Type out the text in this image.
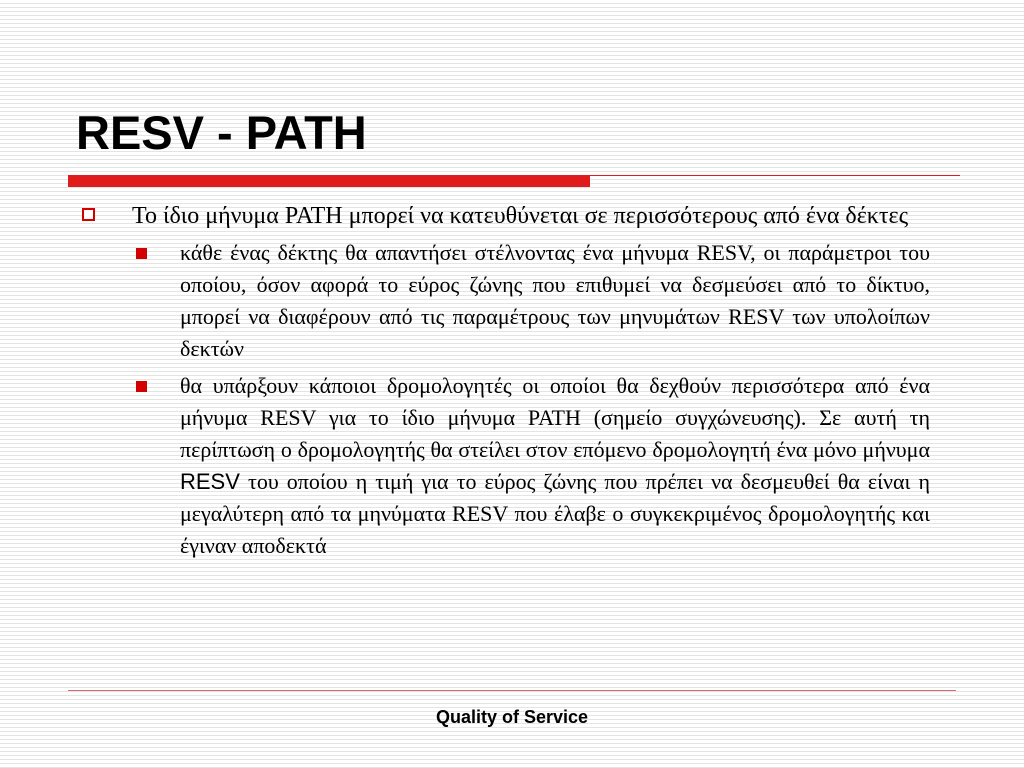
RESV - PATH
Το ίδιο μήνυμα PATH μπορεί να κατευθύνεται σε περισσότερους από ένα δέκτες
κάθε ένας δέκτης θα απαντήσει στέλνοντας ένα μήνυμα RESV, οι παράμετροι του οποίου, όσον αφορά το εύρος ζώνης που επιθυμεί να δεσμεύσει από το δίκτυο, μπορεί να διαφέρουν από τις παραμέτρους των μηνυμάτων RESV των υπολοίπων δεκτών
θα υπάρξουν κάποιοι δρομολογητές οι οποίοι θα δεχθούν περισσότερα από ένα μήνυμα RESV για το ίδιο μήνυμα PATH (σημείο συγχώνευσης). Σε αυτή τη περίπτωση ο δρομολογητής θα στείλει στον επόμενο δρομολογητή ένα μόνο μήνυμα RESV του οποίου η τιμή για το εύρος ζώνης που πρέπει να δεσμευθεί θα είναι η μεγαλύτερη από τα μηνύματα RESV που έλαβε ο συγκεκριμένος δρομολογητής και έγιναν αποδεκτά
Quality of Service
